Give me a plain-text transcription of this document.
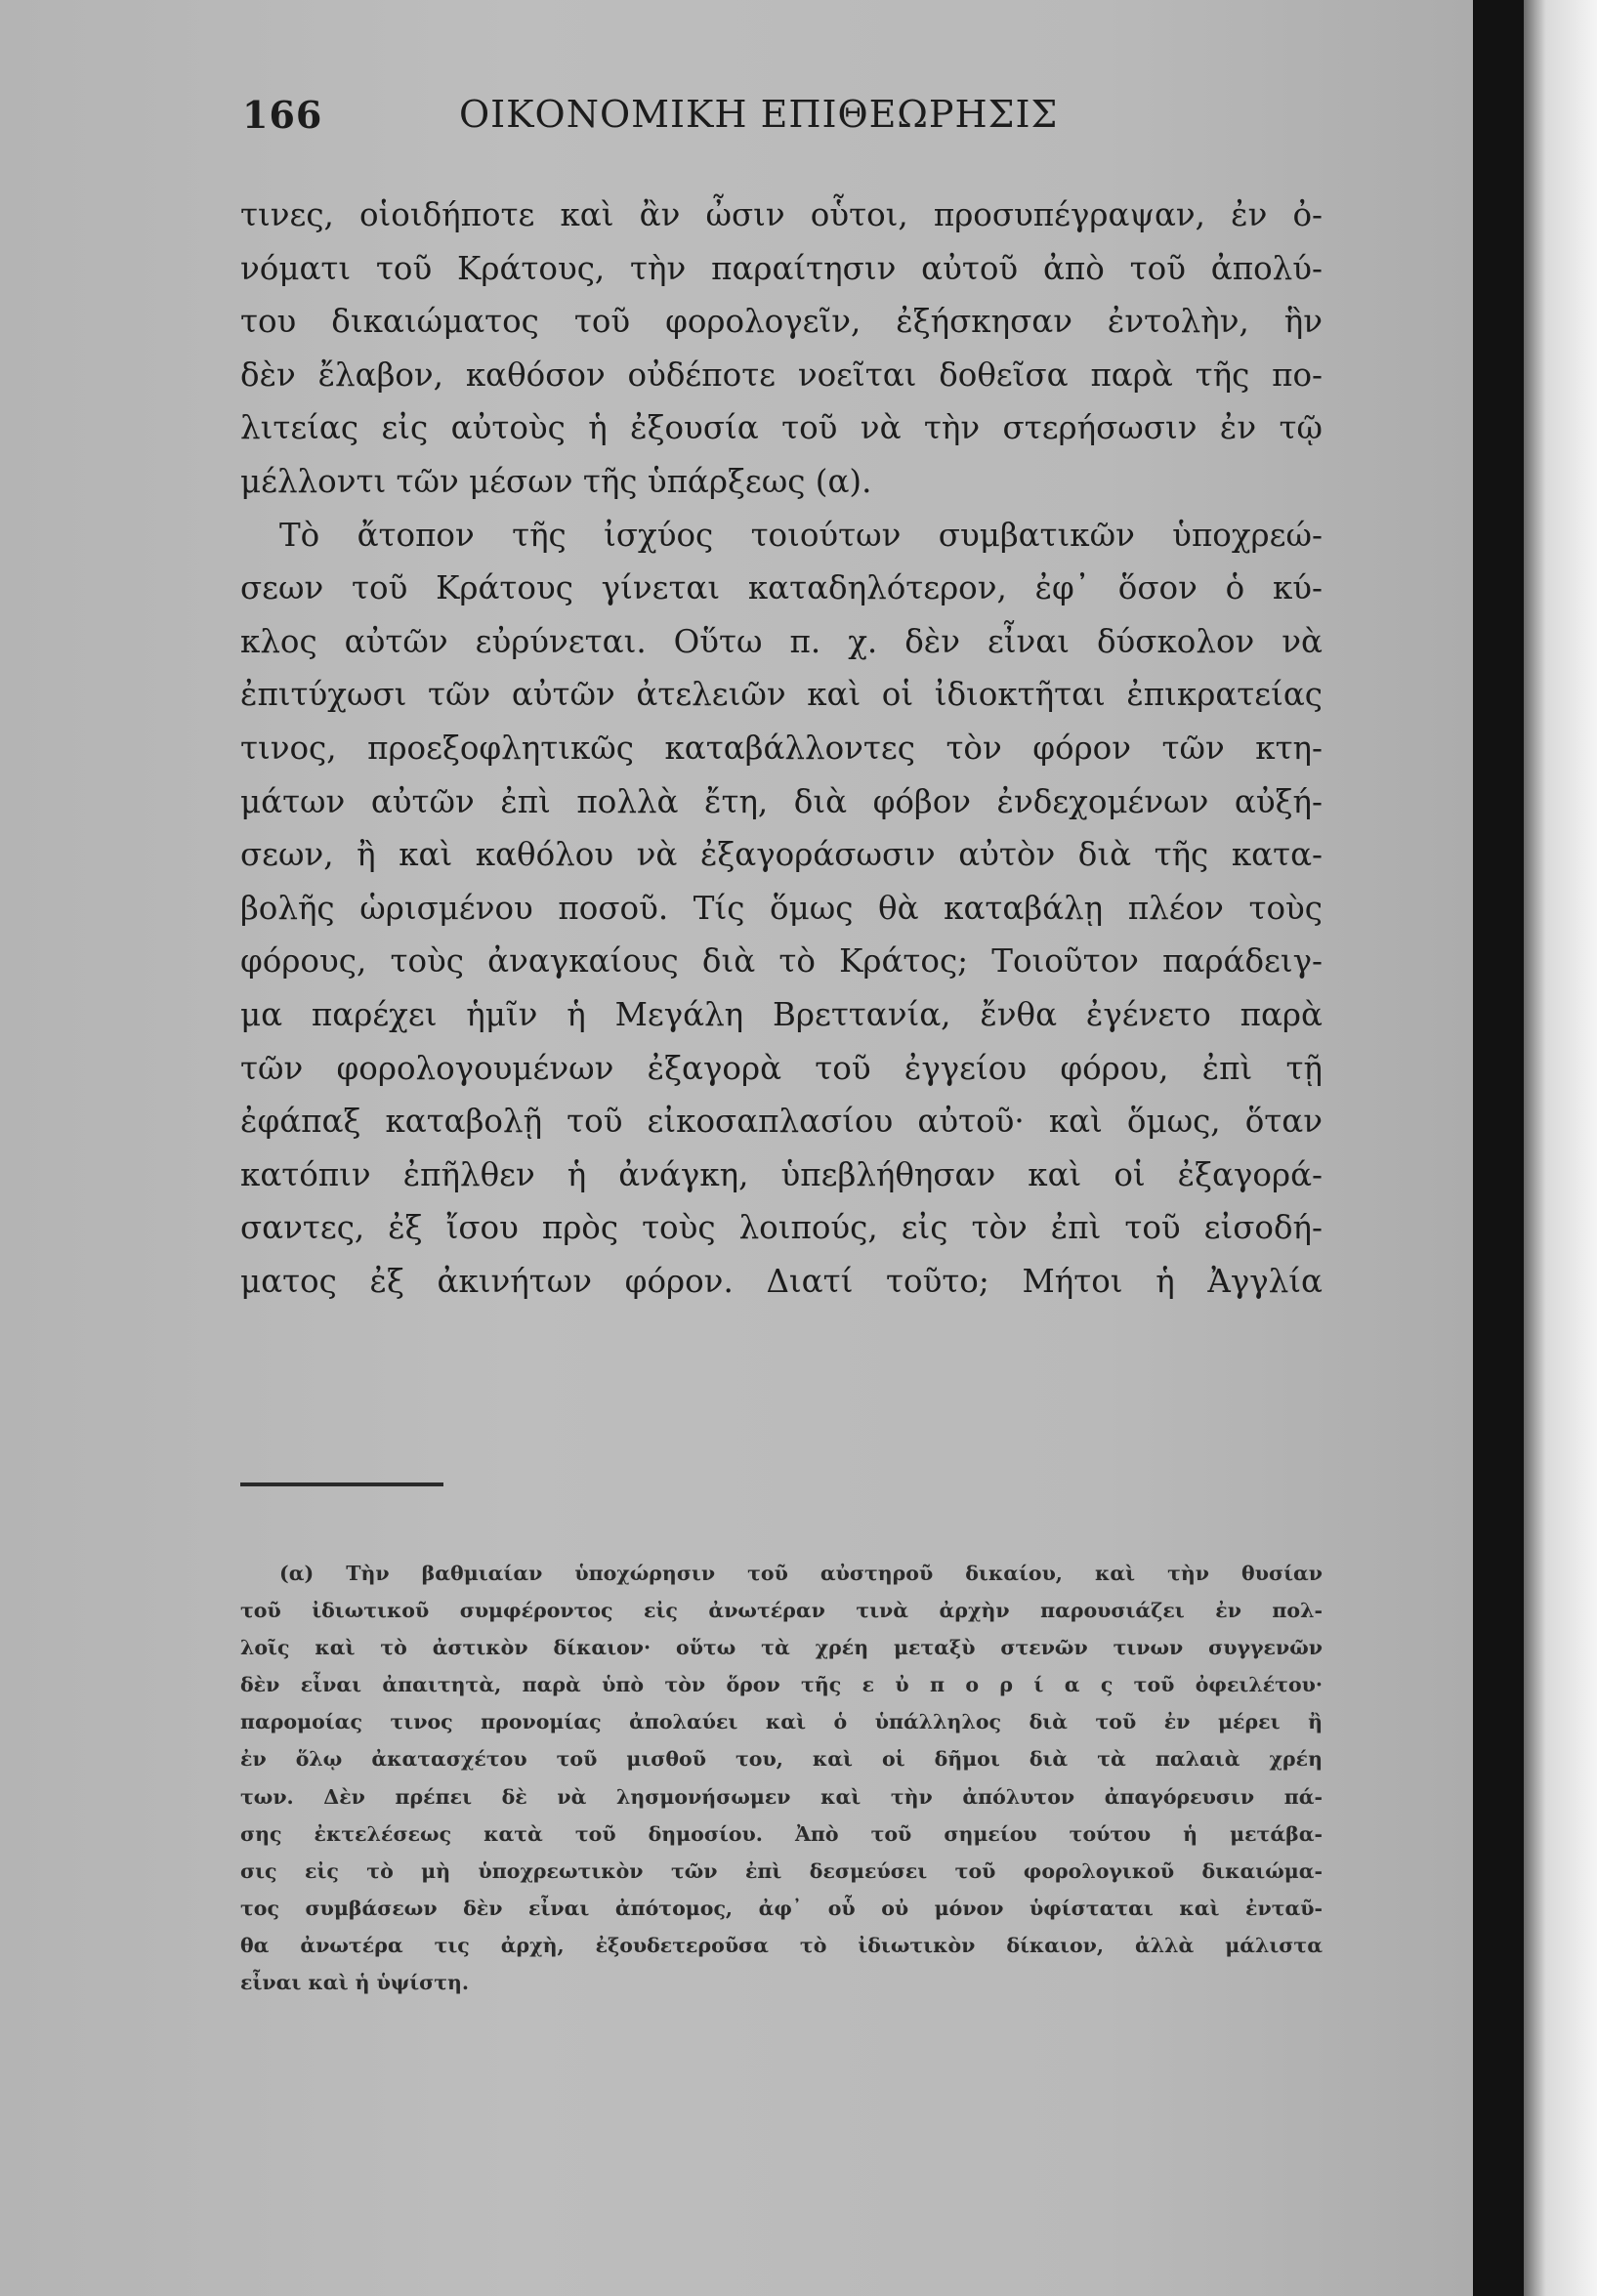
166	ΟΙΚΟΝΟΜΙΚΗ ΕΠΙΘΕΩΡΗΣΙΣ
τινες, οἱοιδήποτε καὶ ἂν ὦσιν οὗτοι, προσυπέγραψαν, ἐν ὀ-
νόματι τοῦ Κράτους, τὴν παραίτησιν αὐτοῦ ἀπὸ τοῦ ἀπολύ-
του δικαιώματος τοῦ φορολογεῖν, ἐξήσκησαν ἐντολὴν, ἣν
δὲν ἔλαβον, καθόσον οὐδέποτε νοεῖται δοθεῖσα παρὰ τῆς πο-
λιτείας εἰς αὐτοὺς ἡ ἐξουσία τοῦ νὰ τὴν στερήσωσιν ἐν τῷ
μέλλοντι τῶν μέσων τῆς ὑπάρξεως (α).
Τὸ ἄτοπον τῆς ἰσχύος τοιούτων συμβατικῶν ὑποχρεώ-
σεων τοῦ Κράτους γίνεται καταδηλότερον, ἐφ᾽ ὅσον ὁ κύ-
κλος αὐτῶν εὐρύνεται. Οὕτω π. χ. δὲν εἶναι δύσκολον νὰ
ἐπιτύχωσι τῶν αὐτῶν ἀτελειῶν καὶ οἱ ἰδιοκτῆται ἐπικρατείας
τινος, προεξοφλητικῶς καταβάλλοντες τὸν φόρον τῶν κτη-
μάτων αὐτῶν ἐπὶ πολλὰ ἔτη, διὰ φόβον ἐνδεχομένων αὐξή-
σεων, ἢ καὶ καθόλου νὰ ἐξαγοράσωσιν αὐτὸν διὰ τῆς κατα-
βολῆς ὡρισμένου ποσοῦ. Τίς ὅμως θὰ καταβάλῃ πλέον τοὺς
φόρους, τοὺς ἀναγκαίους διὰ τὸ Κράτος; Τοιοῦτον παράδειγ-
μα παρέχει ἡμῖν ἡ Μεγάλη Βρεττανία, ἔνθα ἐγένετο παρὰ
τῶν φορολογουμένων ἐξαγορὰ τοῦ ἐγγείου φόρου, ἐπὶ τῇ
ἐφάπαξ καταβολῇ τοῦ εἰκοσαπλασίου αὐτοῦ· καὶ ὅμως, ὅταν
κατόπιν ἐπῆλθεν ἡ ἀνάγκη, ὑπεβλήθησαν καὶ οἱ ἐξαγορά-
σαντες, ἐξ ἴσου πρὸς τοὺς λοιπούς, εἰς τὸν ἐπὶ τοῦ εἰσοδή-
ματος ἐξ ἀκινήτων φόρον. Διατί τοῦτο; Μήτοι ἡ Ἀγγλία
(α) Τὴν βαθμιαίαν ὑποχώρησιν τοῦ αὐστηροῦ δικαίου, καὶ τὴν θυσίαν
τοῦ ἰδιωτικοῦ συμφέροντος εἰς ἀνωτέραν τινὰ ἀρχὴν παρουσιάζει ἐν πολ-
λοῖς καὶ τὸ ἀστικὸν δίκαιον· οὕτω τὰ χρέη μεταξὺ στενῶν τινων συγγενῶν
δὲν εἶναι ἀπαιτητὰ, παρὰ ὑπὸ τὸν ὅρον τῆς ε ὐ π ο ρ ί α ς τοῦ ὀφειλέτου·
παρομοίας τινος προνομίας ἀπολαύει καὶ ὁ ὑπάλληλος διὰ τοῦ ἐν μέρει ἢ
ἐν ὅλῳ ἀκατασχέτου τοῦ μισθοῦ του, καὶ οἱ δῆμοι διὰ τὰ παλαιὰ χρέη
των. Δὲν πρέπει δὲ νὰ λησμονήσωμεν καὶ τὴν ἀπόλυτον ἀπαγόρευσιν πά-
σης ἐκτελέσεως κατὰ τοῦ δημοσίου. Ἀπὸ τοῦ σημείου τούτου ἡ μετάβα-
σις εἰς τὸ μὴ ὑποχρεωτικὸν τῶν ἐπὶ δεσμεύσει τοῦ φορολογικοῦ δικαιώμα-
τος συμβάσεων δὲν εἶναι ἀπότομος, ἀφ᾽ οὗ οὐ μόνον ὑφίσταται καὶ ἐνταῦ-
θα ἀνωτέρα τις ἀρχὴ, ἐξουδετεροῦσα τὸ ἰδιωτικὸν δίκαιον, ἀλλὰ μάλιστα
εἶναι καὶ ἡ ὑψίστη.
